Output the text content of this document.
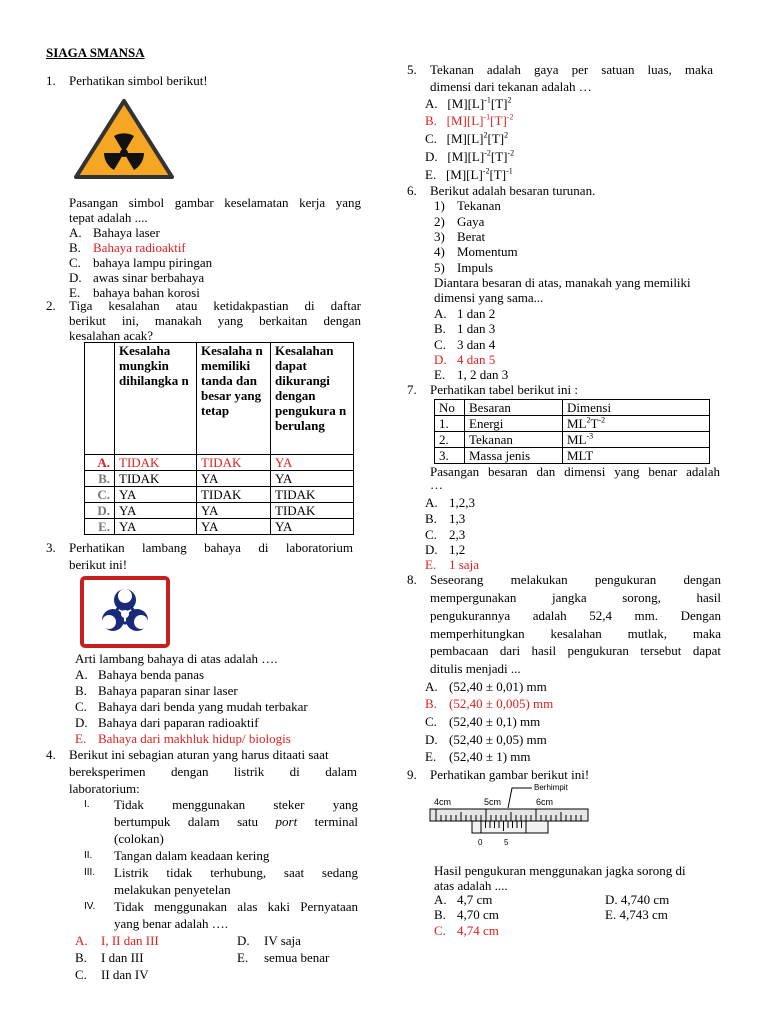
SIAGA SMANSA
1. Perhatikan simbol berikut!
Pasangan simbol gambar keselamatan kerja yang
tepat adalah ....
A. Bahaya laser
B. Bahaya radioaktif
C. bahaya lampu piringan
D. awas sinar berbahaya
E. bahaya bahan korosi
2. Tiga kesalahan atau ketidakpastian di daftar
berikut ini, manakah yang berkaitan dengan
kesalahan acak?
	Kesalaha mungkin dihilangka n	Kesalaha n memiliki tanda dan besar yang tetap	Kesalahan dapat dikurangi dengan pengukura n berulang
A.	TIDAK	TIDAK	YA
B.	TIDAK	YA	YA
C.	YA	TIDAK	TIDAK
D.	YA	YA	TIDAK
E.	YA	YA	YA
3. Perhatikan lambang bahaya di laboratorium
berikut ini!
Arti lambang bahaya di atas adalah ….
A. Bahaya benda panas
B. Bahaya paparan sinar laser
C. Bahaya dari benda yang mudah terbakar
D. Bahaya dari paparan radioaktif
E. Bahaya dari makhluk hidup/ biologis
4. Berikut ini sebagian aturan yang harus ditaati saat
bereksperimen dengan listrik di dalam
laboratorium:
I. Tidak menggunakan steker yang
bertumpuk dalam satu port terminal
(colokan)
II. Tangan dalam keadaan kering
III. Listrik tidak terhubung, saat sedang
melakukan penyetelan
IV. Tidak menggunakan alas kaki Pernyataan
yang benar adalah ….
A. I, II dan III
B. I dan III
C. II dan IV
D. IV saja
E. semua benar
5. Tekanan adalah gaya per satuan luas, maka
dimensi dari tekanan adalah …
A. $[M][L]^{-1}[T]^2$
B. $[M][L]^{-1}[T]^{-2}$
C. $[M][L]^2[T]^2$
D. $[M][L]^{-2}[T]^{-2}$
E. $[M][L]^{-2}[T]^{-1}$
6. Berikut adalah besaran turunan.
1) Tekanan
2) Gaya
3) Berat
4) Momentum
5) Impuls
Diantara besaran di atas, manakah yang memiliki
dimensi yang sama...
A. 1 dan 2
B. 1 dan 3
C. 3 dan 4
D. 4 dan 5
E. 1, 2 dan 3
7. Perhatikan tabel berikut ini :
No	Besaran	Dimensi
1.	Energi	$ML^2T^{-2}$
2.	Tekanan	$ML^{-3}$
3.	Massa jenis	MLT
Pasangan besaran dan dimensi yang benar adalah
…
A. 1,2,3
B. 1,3
C. 2,3
D. 1,2
E. 1 saja
8. Seseorang melakukan pengukuran dengan
mempergunakan jangka sorong, hasil
pengukurannya adalah 52,4 mm. Dengan
memperhitungkan kesalahan mutlak, maka
pembacaan dari hasil pengukuran tersebut dapat
ditulis menjadi ...
A. (52,40 ± 0,01) mm
B. (52,40 ± 0,005) mm
C. (52,40 ± 0,1) mm
D. (52,40 ± 0,05) mm
E. (52,40 ± 1) mm
9. Perhatikan gambar berikut ini!
4cm	5cm	6cm
Berhimpit
0	5
Hasil pengukuran menggunakan jagka sorong di
atas adalah ....
A. 4,7 cm
B. 4,70 cm
C. 4,74 cm
D. 4,740 cm
E. 4,743 cm
